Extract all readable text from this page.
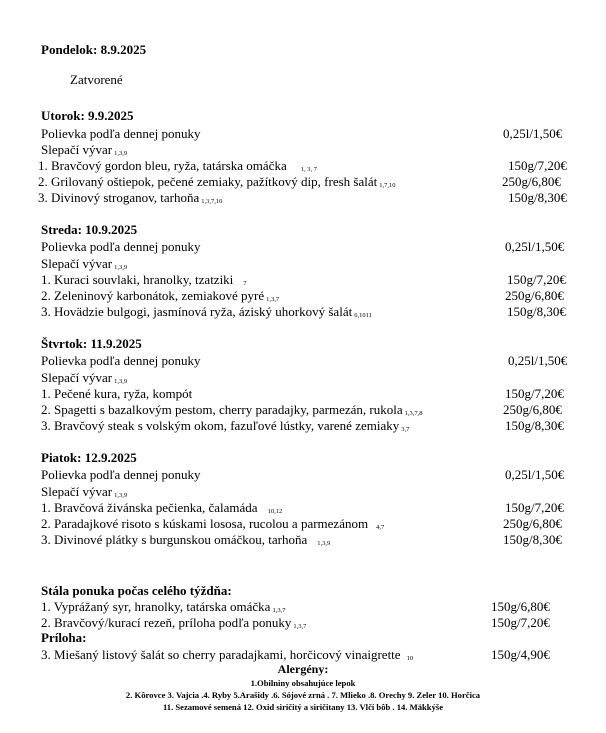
Pondelok: 8.9.2025
Zatvorené
Utorok: 9.9.2025
Polievka podľa dennej ponuky	0,25l/1,50€
Slepačí vývar $_{1,3,9}$
1. Bravčový gordon bleu, ryža, tatárska omáčka $_{1, 3, 7}$	150g/7,20€
2. Grilovaný oštiepok, pečené zemiaky, pažítkový dip, fresh šalát $_{1,7,10}$	250g/6,80€
3. Divinový stroganov, tarhoňa $_{1,3,7,10}$	150g/8,30€
Streda: 10.9.2025
Polievka podľa dennej ponuky	0,25l/1,50€
Slepačí vývar $_{1,3,9}$
1. Kuraci souvlaki, hranolky, tzatziki $_7$	150g/7,20€
2. Zeleninový karbonátok, zemiakové pyré $_{1,3,7}$	250g/6,80€
3. Hovädzie bulgogi, jasmínová ryža, áziský uhorkový šalát $_{6,1011}$	150g/8,30€
Štvrtok: 11.9.2025
Polievka podľa dennej ponuky	0,25l/1,50€
Slepačí vývar $_{1,3,9}$
1. Pečené kura, ryža, kompót	150g/7,20€
2. Spagetti s bazalkovým pestom, cherry paradajky, parmezán, rukola $_{1,3,7,8}$	250g/6,80€
3. Bravčový steak s volským okom, fazuľové lústky, varené zemiaky $_{3,7}$	150g/8,30€
Piatok: 12.9.2025
Polievka podľa dennej ponuky	0,25l/1,50€
Slepačí vývar $_{1,3,9}$
1. Bravčová živánska pečienka, čalamáda $_{10,12}$	150g/7,20€
2. Paradajkové risoto s kúskami lososa, rucolou a parmezánom $_{4,7}$	250g/6,80€
3. Divinové plátky s burgunskou omáčkou, tarhoňa $_{1,3,9}$	150g/8,30€
Stála ponuka počas celého týždňa:
1. Vyprážaný syr, hranolky, tatárska omáčka $_{1,3,7}$	150g/6,80€
2. Bravčový/kurací rezeň, príloha podľa ponuky $_{1,3,7}$	150g/7,20€
Príloha:
3. Miešaný listový šalát so cherry paradajkami, horčicový vinaigrette $_{10}$	150g/4,90€
Alergény:
1.Obilniny obsahujúce lepok
2. Kôrovce 3. Vajcia .4. Ryby 5.Arašidy .6. Sójové zrná . 7. Mlieko .8. Orechy 9. Zeler 10. Horčica
11. Sezamové semená 12. Oxid siričitý a siričitany 13. Vlčí bôb . 14. Mäkkýše
